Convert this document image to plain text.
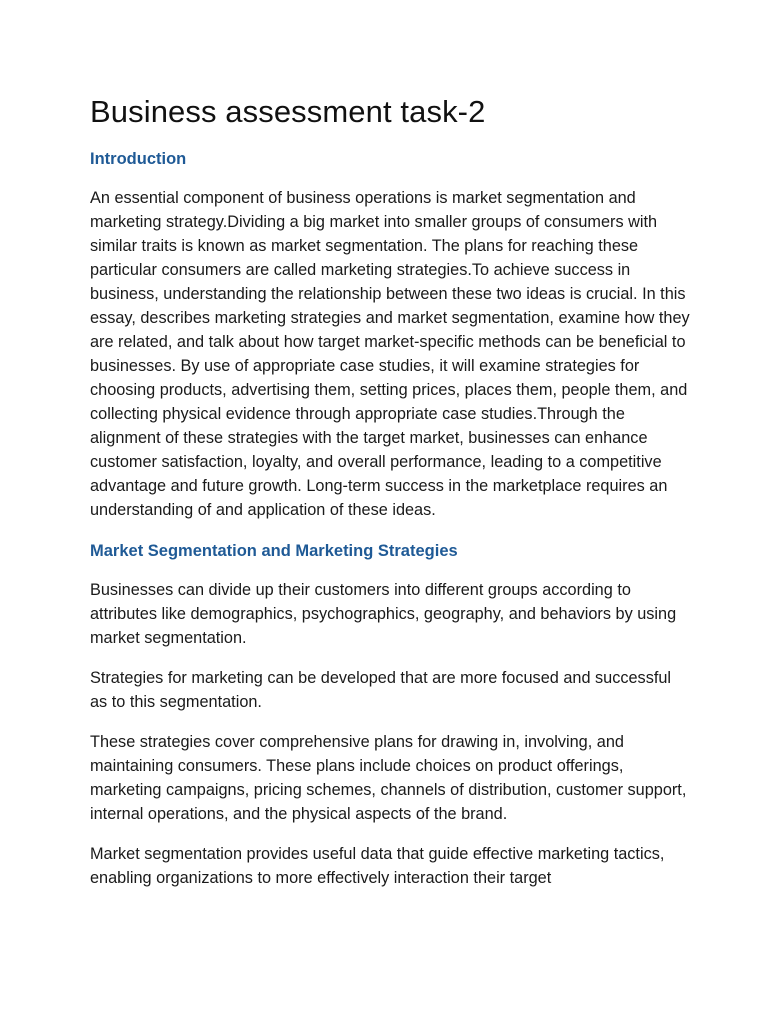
Business assessment task-2
Introduction

An essential component of business operations is market segmentation and marketing strategy.Dividing a big market into smaller groups of consumers with similar traits is known as market segmentation. The plans for reaching these particular consumers are called marketing strategies.To achieve success in business, understanding the relationship between these two ideas is crucial. In this essay, describes marketing strategies and market segmentation, examine how they are related, and talk about how target market-specific methods can be beneficial to businesses. By use of appropriate case studies, it will examine strategies for choosing products, advertising them, setting prices, places them, people them, and collecting physical evidence through appropriate case studies.Through the alignment of these strategies with the target market, businesses can enhance customer satisfaction, loyalty, and overall performance, leading to a competitive advantage and future growth. Long-term success in the marketplace requires an understanding of and application of these ideas.

Market Segmentation and Marketing Strategies

Businesses can divide up their customers into different groups according to attributes like demographics, psychographics, geography, and behaviors by using market segmentation.

Strategies for marketing can be developed that are more focused and successful as to this segmentation.

These strategies cover comprehensive plans for drawing in, involving, and maintaining consumers. These plans include choices on product offerings, marketing campaigns, pricing schemes, channels of distribution, customer support, internal operations, and the physical aspects of the brand.

Market segmentation provides useful data that guide effective marketing tactics, enabling organizations to more effectively interaction their target
